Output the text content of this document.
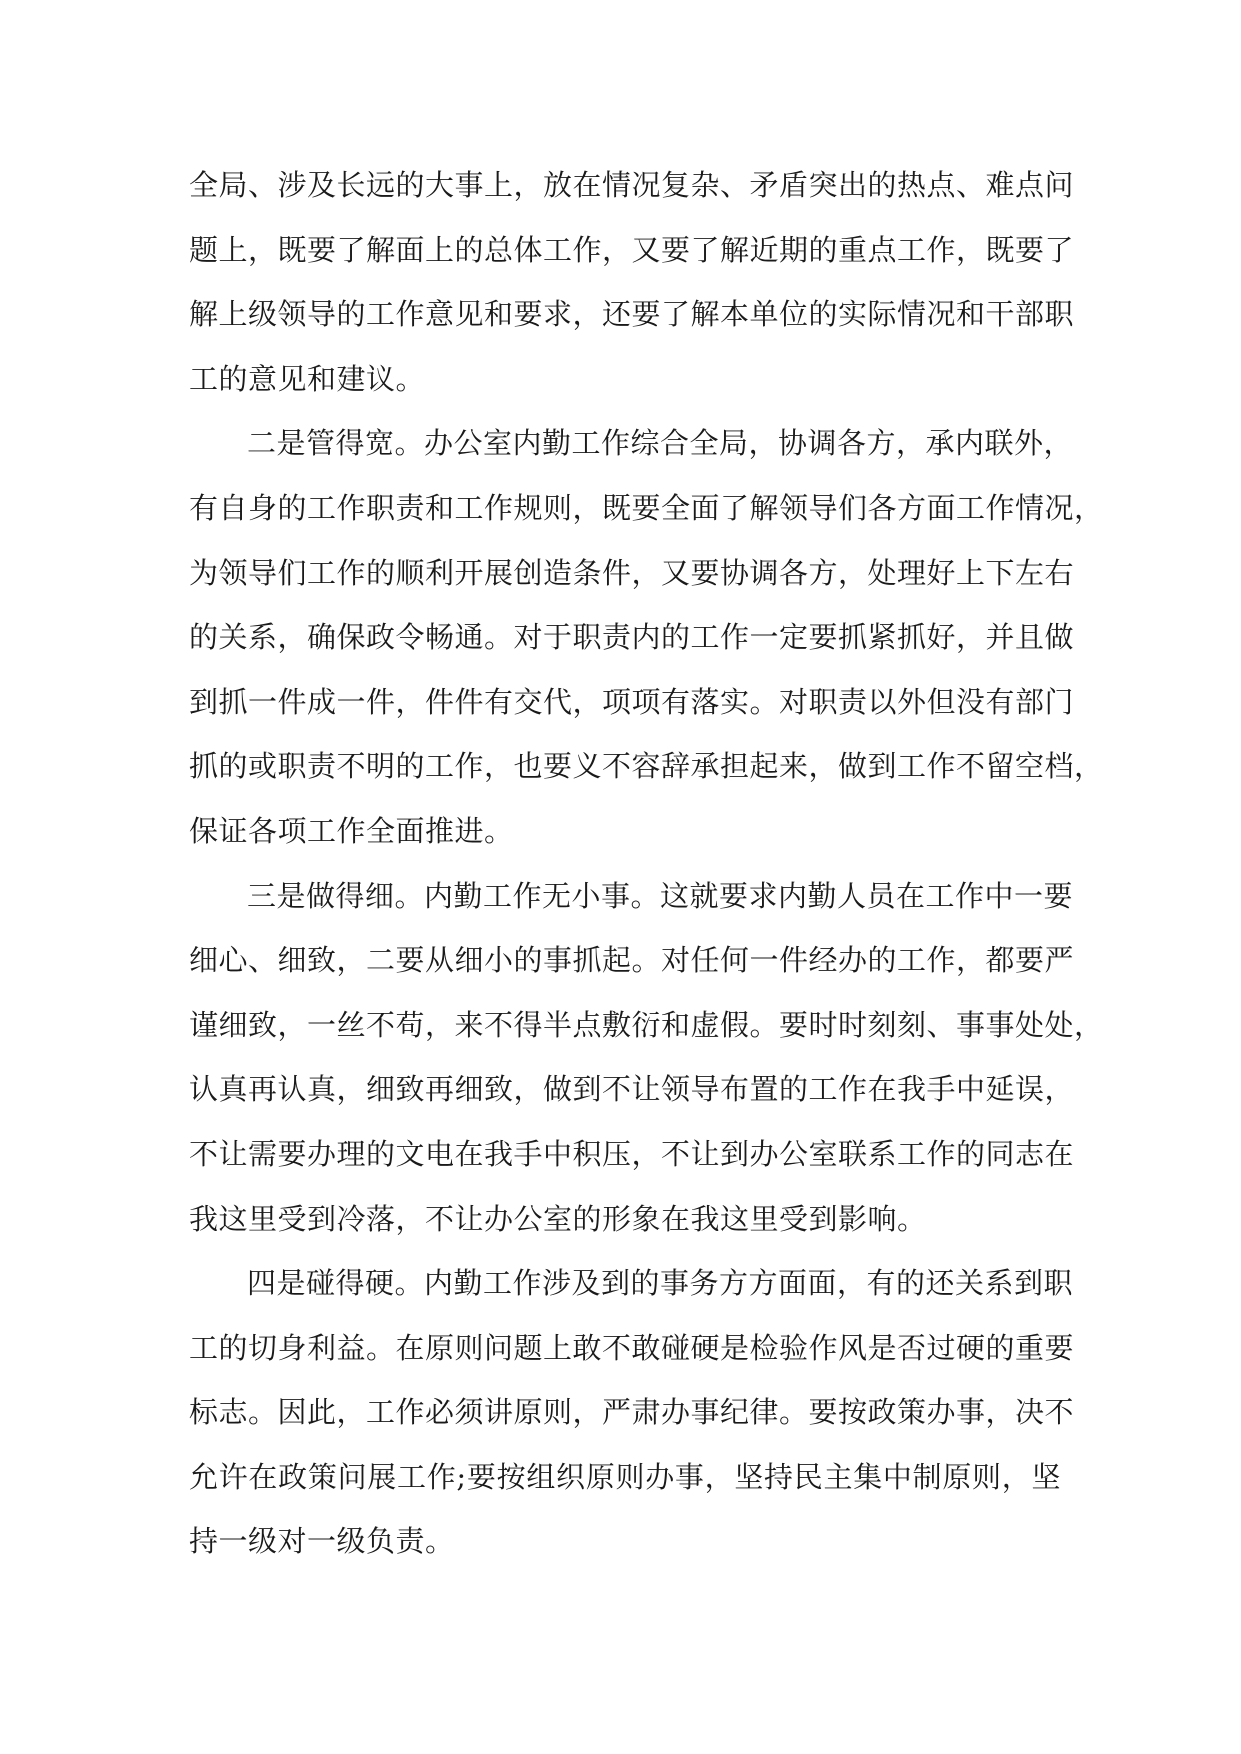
全局、涉及长远的大事上，放在情况复杂、矛盾突出的热点、难点问
题上，既要了解面上的总体工作，又要了解近期的重点工作，既要了
解上级领导的工作意见和要求，还要了解本单位的实际情况和干部职
工的意见和建议。
二是管得宽。办公室内勤工作综合全局，协调各方，承内联外，
有自身的工作职责和工作规则，既要全面了解领导们各方面工作情况，
为领导们工作的顺利开展创造条件，又要协调各方，处理好上下左右
的关系，确保政令畅通。对于职责内的工作一定要抓紧抓好，并且做
到抓一件成一件，件件有交代，项项有落实。对职责以外但没有部门
抓的或职责不明的工作，也要义不容辞承担起来，做到工作不留空档，
保证各项工作全面推进。
三是做得细。内勤工作无小事。这就要求内勤人员在工作中一要
细心、细致，二要从细小的事抓起。对任何一件经办的工作，都要严
谨细致，一丝不苟，来不得半点敷衍和虚假。要时时刻刻、事事处处，
认真再认真，细致再细致，做到不让领导布置的工作在我手中延误，
不让需要办理的文电在我手中积压，不让到办公室联系工作的同志在
我这里受到冷落，不让办公室的形象在我这里受到影响。
四是碰得硬。内勤工作涉及到的事务方方面面，有的还关系到职
工的切身利益。在原则问题上敢不敢碰硬是检验作风是否过硬的重要
标志。因此，工作必须讲原则，严肃办事纪律。要按政策办事，决不
允许在政策问展工作;要按组织原则办事，坚持民主集中制原则，坚
持一级对一级负责。
